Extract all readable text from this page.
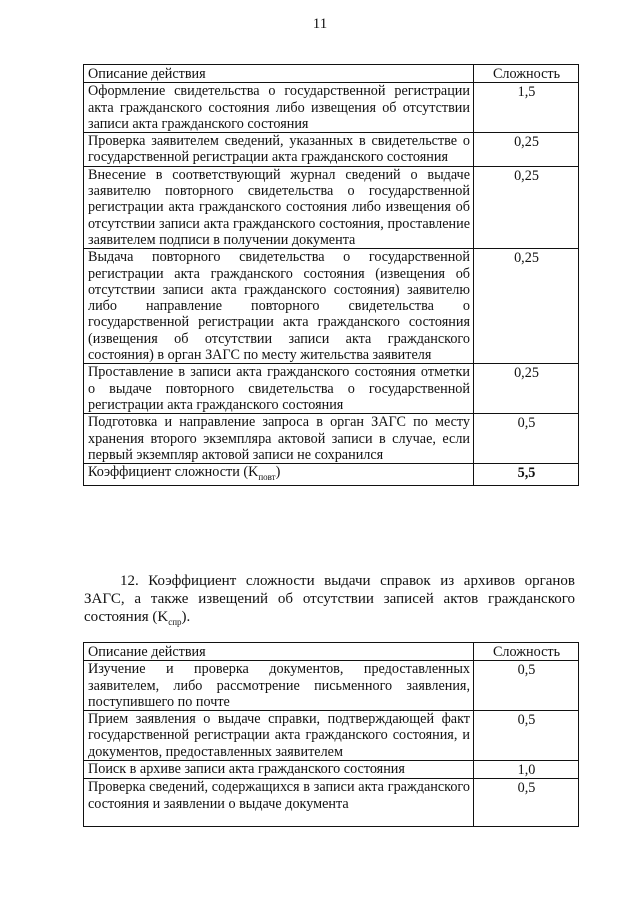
11
Описание действия	Сложность
Оформление свидетельства о государственной регистрации акта гражданского состояния либо извещения об отсутствии записи акта гражданского состояния	1,5
Проверка заявителем сведений, указанных в свидетельстве о государственной регистрации акта гражданского состояния	0,25
Внесение в соответствующий журнал сведений о выдаче заявителю повторного свидетельства о государственной регистрации акта гражданского состояния либо извещения об отсутствии записи акта гражданского состояния, проставление заявителем подписи в получении документа	0,25
Выдача повторного свидетельства о государственной регистрации акта гражданского состояния (извещения об отсутствии записи акта гражданского состояния) заявителю либо направление повторного свидетельства о государственной регистрации акта гражданского состояния (извещения об отсутствии записи акта гражданского состояния) в орган ЗАГС по месту жительства заявителя	0,25
Проставление в записи акта гражданского состояния отметки о выдаче повторного свидетельства о государственной регистрации акта гражданского состояния	0,25
Подготовка и направление запроса в орган ЗАГС по месту хранения второго экземпляра актовой записи в случае, если первый экземпляр актовой записи не сохранился	0,5
Коэффициент сложности $(K_{повт})$	5,5
12. Коэффициент сложности выдачи справок из архивов органов ЗАГС, а также извещений об отсутствии записей актов гражданского состояния $(K_{спр})$.
Описание действия	Сложность
Изучение и проверка документов, предоставленных заявителем, либо рассмотрение письменного заявления, поступившего по почте	0,5
Прием заявления о выдаче справки, подтверждающей факт государственной регистрации акта гражданского состояния, и документов, предоставленных заявителем	0,5
Поиск в архиве записи акта гражданского состояния	1,0
Проверка сведений, содержащихся в записи акта гражданского состояния и заявлении о выдаче документа	0,5
